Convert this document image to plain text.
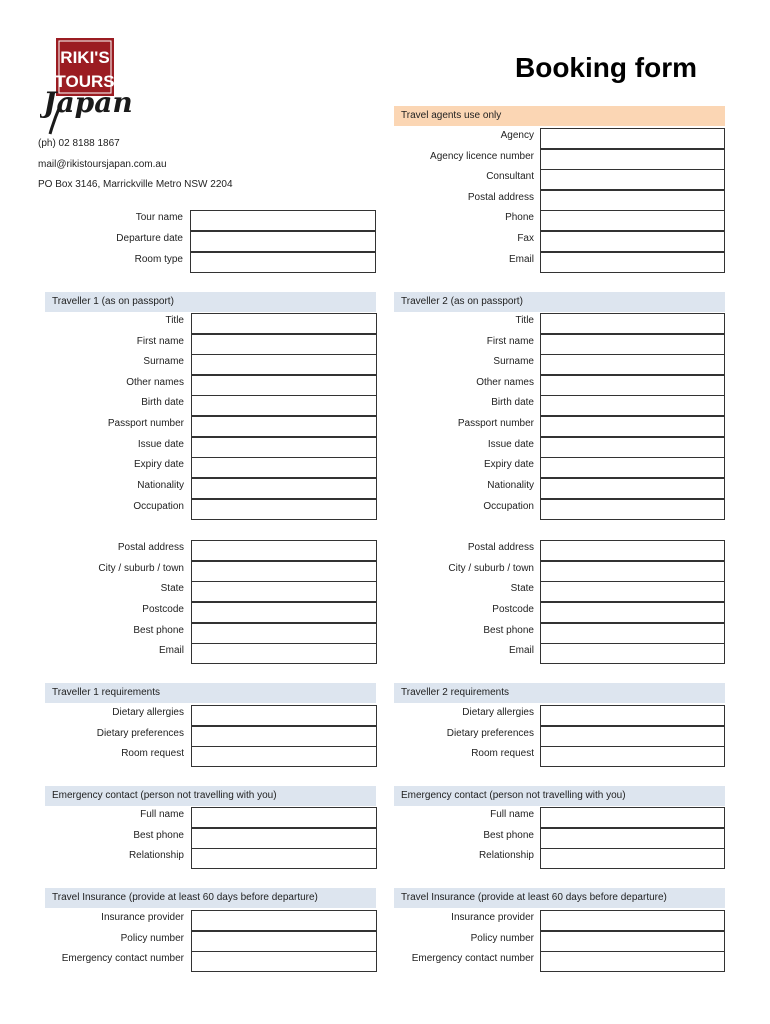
RIKI'S
TOURS
Japan
Booking form
(ph) 02 8188 1867
mail@rikistoursjapan.com.au
PO Box 3146, Marrickville Metro NSW 2204
Tour name
Departure date
Room type
Travel agents use only
Agency
Agency licence number
Consultant
Postal address
Phone
Fax
Email
Traveller 1 (as on passport)
Title
First name
Surname
Other names
Birth date
Passport number
Issue date
Expiry date
Nationality
Occupation
Postal address
City / suburb / town
State
Postcode
Best phone
Email
Traveller 2 (as on passport)
Title
First name
Surname
Other names
Birth date
Passport number
Issue date
Expiry date
Nationality
Occupation
Postal address
City / suburb / town
State
Postcode
Best phone
Email
Traveller 1 requirements
Dietary allergies
Dietary preferences
Room request
Traveller 2 requirements
Dietary allergies
Dietary preferences
Room request
Emergency contact (person not travelling with you)
Full name
Best phone
Relationship
Emergency contact (person not travelling with you)
Full name
Best phone
Relationship
Travel Insurance (provide at least 60 days before departure)
Insurance provider
Policy number
Emergency contact number
Travel Insurance (provide at least 60 days before departure)
Insurance provider
Policy number
Emergency contact number
